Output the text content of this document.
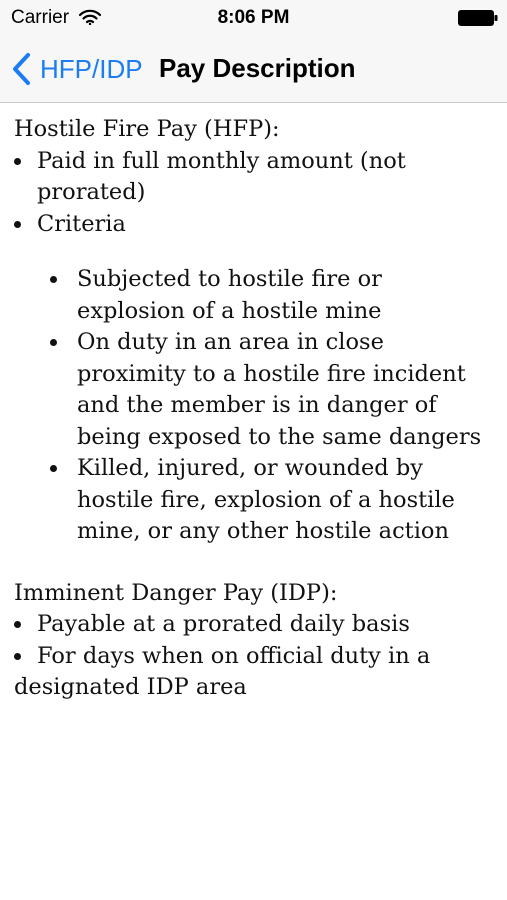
Carrier	8:06 PM
HFP/IDP Pay Description

Hostile Fire Pay (HFP):

Paid in full monthly amount (not prorated)
Criteria
Subjected to hostile fire or explosion of a hostile mine
On duty in an area in close proximity to a hostile fire incident and the member is in danger of being exposed to the same dangers
Killed, injured, or wounded by hostile fire, explosion of a hostile mine, or any other hostile action

Imminent Danger Pay (IDP):

Payable at a prorated daily basis

For days when on official duty in a designated IDP area
